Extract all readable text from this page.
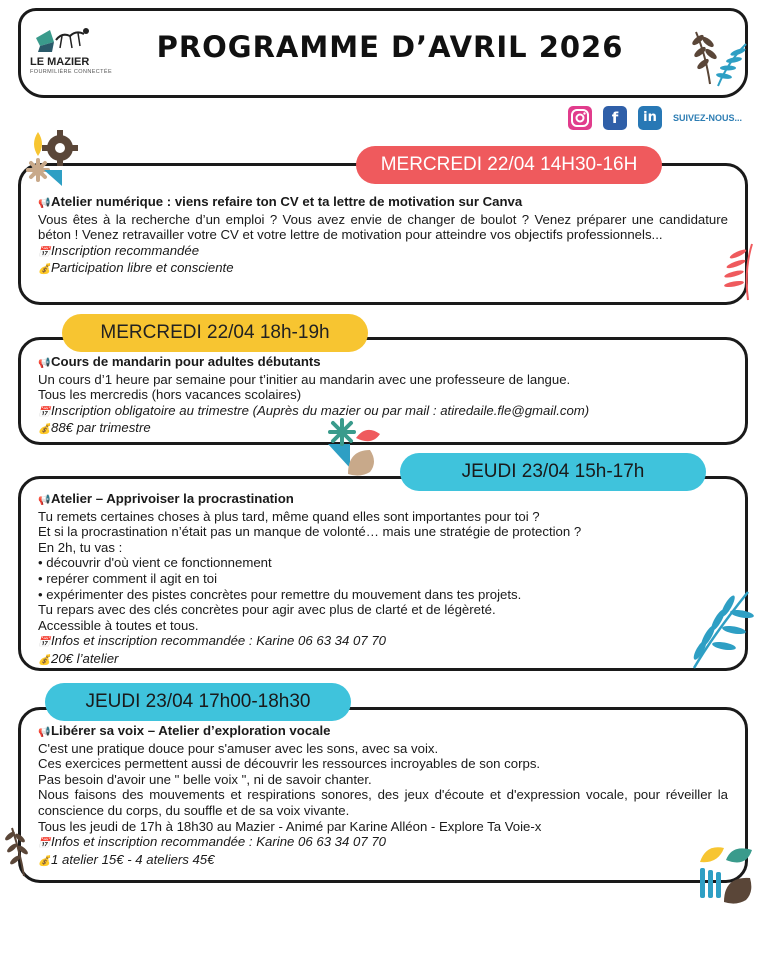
PROGRAMME D’AVRIL 2026
LE MAZIER
FOURMILIÈRE CONNECTÉE
f	in	SUIVEZ-NOUS...
MERCREDI 22/04 14H30-16H
📢Atelier numérique : viens refaire ton CV et ta lettre de motivation sur Canva
Vous êtes à la recherche d’un emploi ? Vous avez envie de changer de boulot ? Venez préparer une candidature béton ! Venez retravailler votre CV et votre lettre de motivation pour atteindre vos objectifs professionnels...
📅Inscription recommandée
💰Participation libre et consciente
MERCREDI 22/04 18h-19h
📢Cours de mandarin pour adultes débutants
Un cours d’1 heure par semaine pour t’initier au mandarin avec une professeure de langue.
Tous les mercredis (hors vacances scolaires)
📅Inscription obligatoire au trimestre (Auprès du mazier ou par mail : atiredaile.fle@gmail.com)
💰88€ par trimestre
JEUDI 23/04 15h-17h
📢Atelier – Apprivoiser la procrastination
Tu remets certaines choses à plus tard, même quand elles sont importantes pour toi ?
Et si la procrastination n’était pas un manque de volonté… mais une stratégie de protection ?
En 2h, tu vas :
• découvrir d'où vient ce fonctionnement
• repérer comment il agit en toi
• expérimenter des pistes concrètes pour remettre du mouvement dans tes projets.
Tu repars avec des clés concrètes pour agir avec plus de clarté et de légèreté.
Accessible à toutes et tous.
📅Infos et inscription recommandée : Karine 06 63 34 07 70
💰20€ l’atelier
JEUDI 23/04 17h00-18h30
📢Libérer sa voix – Atelier d’exploration vocale
C'est une pratique douce pour s'amuser avec les sons, avec sa voix.
Ces exercices permettent aussi de découvrir les ressources incroyables de son corps.
Pas besoin d'avoir une " belle voix ", ni de savoir chanter.
Nous faisons des mouvements et respirations sonores, des jeux d'écoute et d'expression vocale, pour réveiller la conscience du corps, du souffle et de sa voix vivante.
Tous les jeudi de 17h à 18h30 au Mazier - Animé par Karine Alléon - Explore Ta Voie-x
📅Infos et inscription recommandée : Karine 06 63 34 07 70
💰1 atelier 15€ - 4 ateliers 45€
